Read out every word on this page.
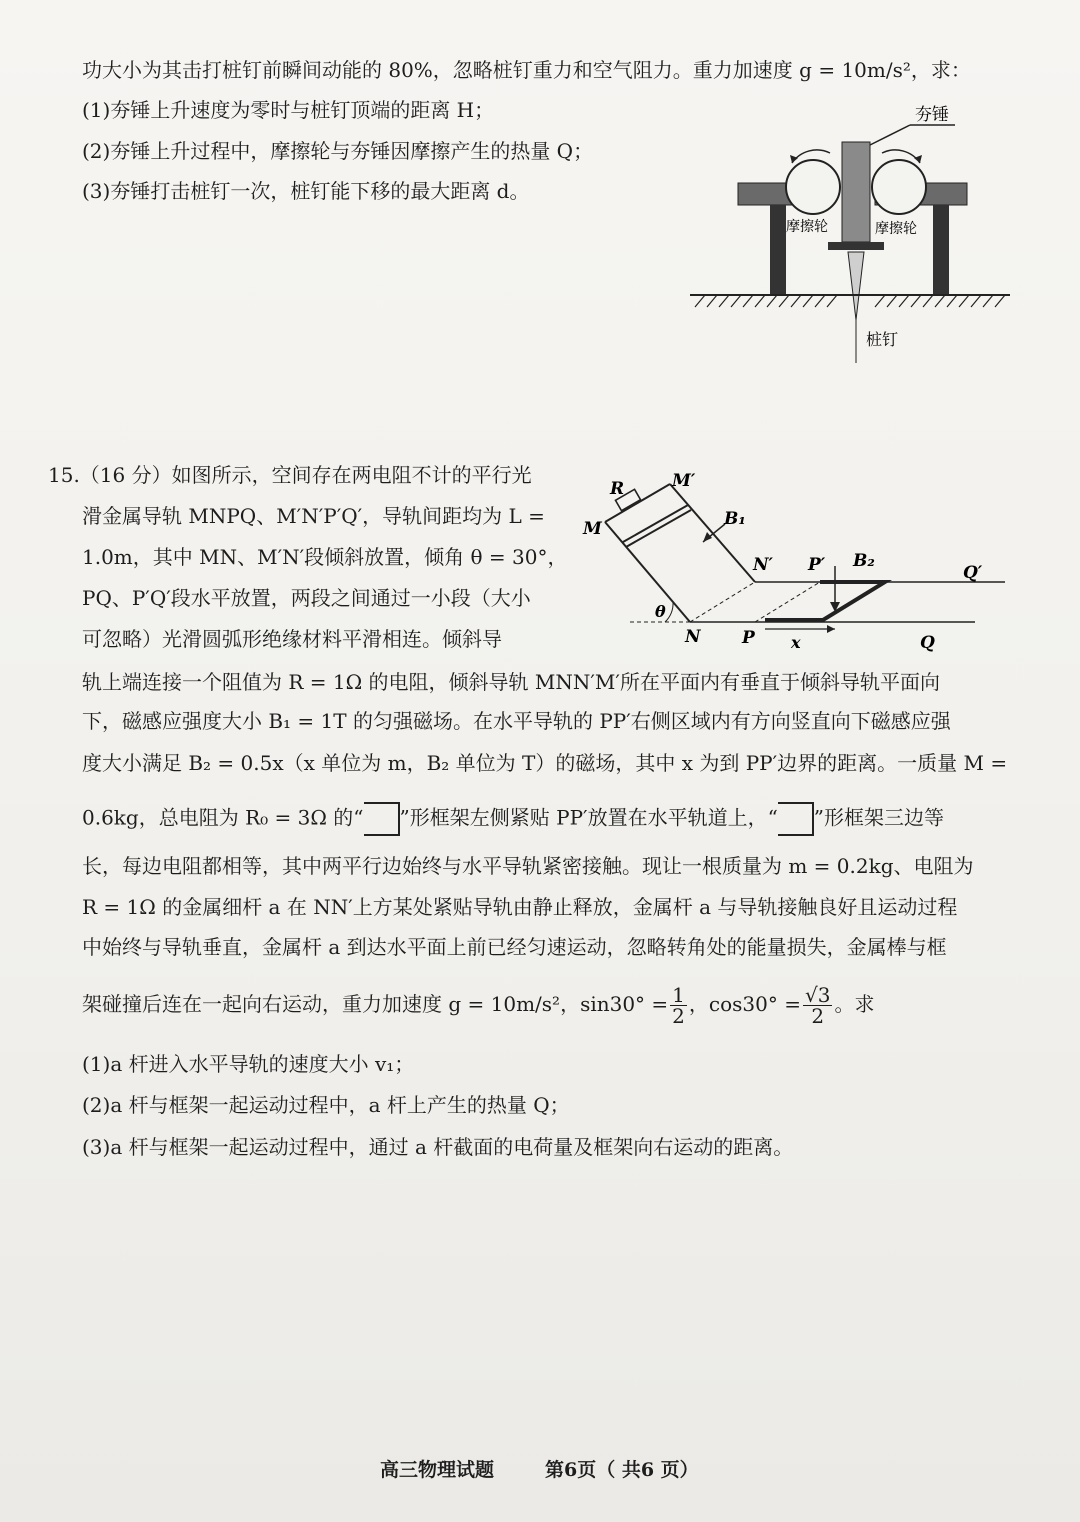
功大小为其击打桩钉前瞬间动能的 80%，忽略桩钉重力和空气阻力。重力加速度 g = 10m/s²，求：
(1)夯锤上升速度为零时与桩钉顶端的距离 H；
(2)夯锤上升过程中，摩擦轮与夯锤因摩擦产生的热量 Q；
(3)夯锤打击桩钉一次，桩钉能下移的最大距离 d。
夯锤
摩擦轮	摩擦轮
桩钉
15.（16 分）如图所示，空间存在两电阻不计的平行光
滑金属导轨 MNPQ、M′N′P′Q′，导轨间距均为 L =
1.0m，其中 MN、M′N′段倾斜放置，倾角 θ = 30°，
PQ、P′Q′段水平放置，两段之间通过一小段（大小
可忽略）光滑圆弧形绝缘材料平滑相连。倾斜导
轨上端连接一个阻值为 R = 1Ω 的电阻，倾斜导轨 MNN′M′所在平面内有垂直于倾斜导轨平面向
下，磁感应强度大小 B₁ = 1T 的匀强磁场。在水平导轨的 PP′右侧区域内有方向竖直向下磁感应强
度大小满足 B₂ = 0.5x（x 单位为 m，B₂ 单位为 T）的磁场，其中 x 为到 PP′边界的距离。一质量 M =
0.6kg，总电阻为 R₀ = 3Ω 的“ ”形框架左侧紧贴 PP′放置在水平轨道上，“ ”形框架三边等
长，每边电阻都相等，其中两平行边始终与水平导轨紧密接触。现让一根质量为 m = 0.2kg、电阻为
R = 1Ω 的金属细杆 a 在 NN′上方某处紧贴导轨由静止释放，金属杆 a 与导轨接触良好且运动过程
中始终与导轨垂直，金属杆 a 到达水平面上前已经匀速运动，忽略转角处的能量损失，金属棒与框
架碰撞后连在一起向右运动，重力加速度 g = 10m/s²，$\sin 30^\circ = \frac{1}{2}$ ，$\cos 30^\circ = \frac{√3}{2}$ 。求
(1)a 杆进入水平导轨的速度大小 v₁；
(2)a 杆与框架一起运动过程中，a 杆上产生的热量 Q；
(3)a 杆与框架一起运动过程中，通过 a 杆截面的电荷量及框架向右运动的距离。
R	M′
M	B₁
N′ P′ B₂
Q′
θ
N P x	Q
高三物理试题	第6页（ 共6 页）
